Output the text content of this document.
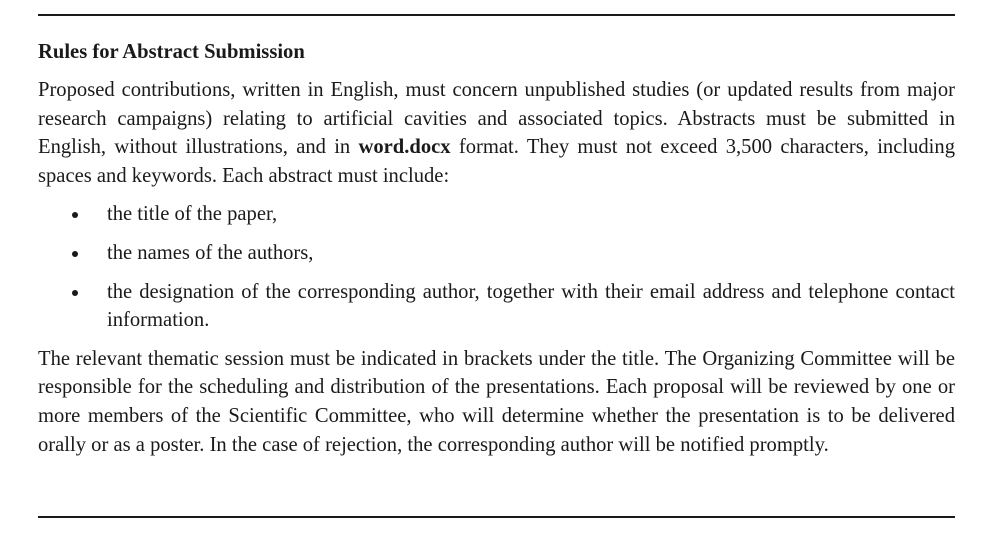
Rules for Abstract Submission

Proposed contributions, written in English, must concern unpublished studies (or updated results from major research campaigns) relating to artificial cavities and associated topics. Abstracts must be submitted in English, without illustrations, and in word.docx format. They must not exceed 3,500 characters, including spaces and keywords. Each abstract must include:

the title of the paper,
the names of the authors,
the designation of the corresponding author, together with their email address and telephone contact information.

The relevant thematic session must be indicated in brackets under the title. The Organizing Committee will be responsible for the scheduling and distribution of the presentations. Each proposal will be reviewed by one or more members of the Scientific Committee, who will determine whether the presentation is to be delivered orally or as a poster. In the case of rejection, the corresponding author will be notified promptly.
